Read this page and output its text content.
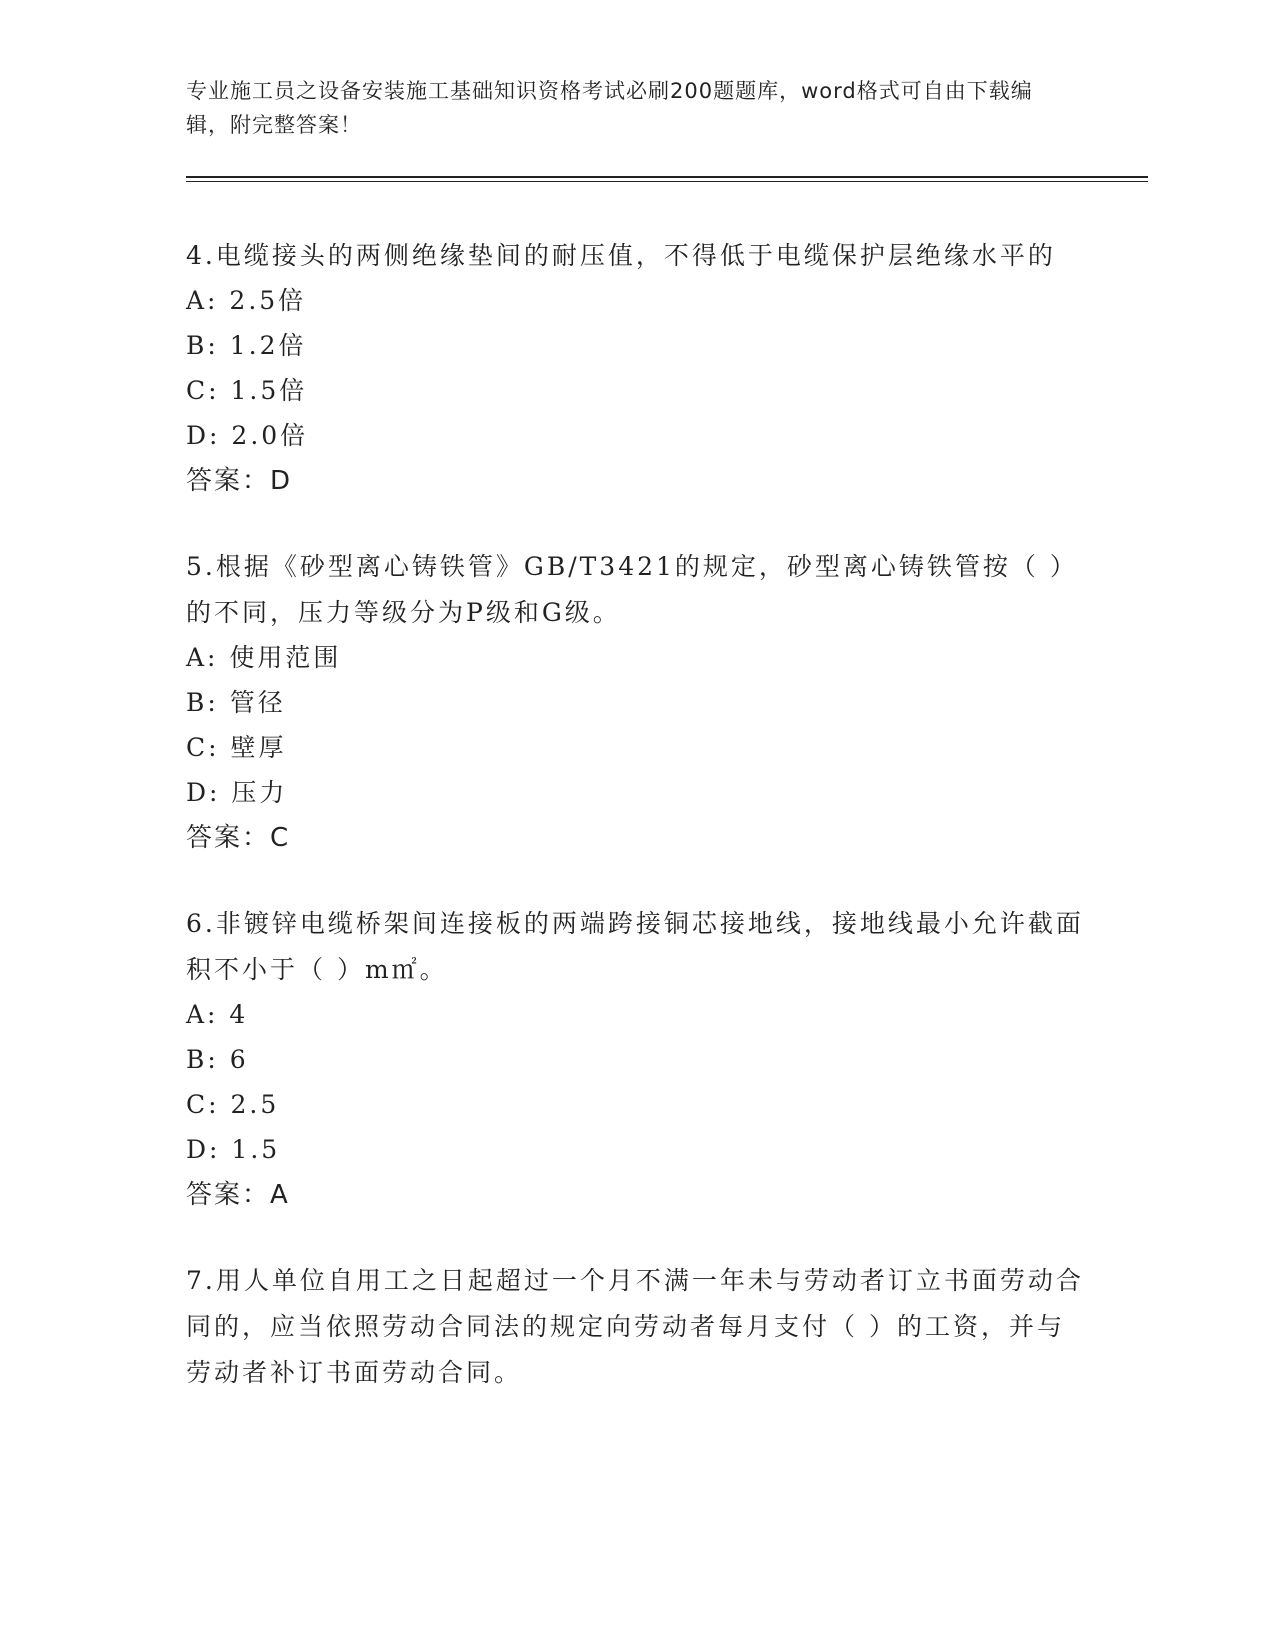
专业施工员之设备安装施工基础知识资格考试必刷200题题库，word格式可自由下载编辑，附完整答案！
4.电缆接头的两侧绝缘垫间的耐压值，不得低于电缆保护层绝缘水平的
A: 2.5倍
B: 1.2倍
C: 1.5倍
D: 2.0倍
答案：D
5.根据《砂型离心铸铁管》GB/T3421的规定，砂型离心铸铁管按（ ）的不同，压力等级分为P级和G级。
A: 使用范围
B: 管径
C: 壁厚
D: 压力
答案：C
6.非镀锌电缆桥架间连接板的两端跨接铜芯接地线，接地线最小允许截面积不小于（ ）m㎡。
A: 4
B: 6
C: 2.5
D: 1.5
答案：A
7.用人单位自用工之日起超过一个月不满一年未与劳动者订立书面劳动合同的，应当依照劳动合同法的规定向劳动者每月支付（ ）的工资，并与劳动者补订书面劳动合同。
